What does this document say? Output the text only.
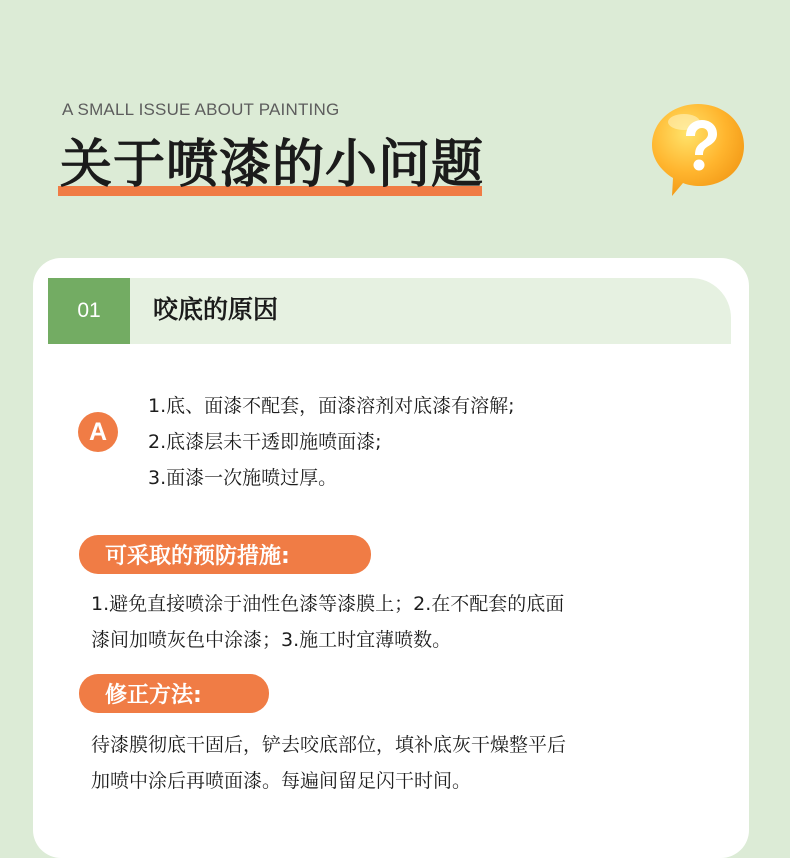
A SMALL ISSUE ABOUT PAINTING
关于喷漆的小问题
01	咬底的原因
A
1.底、面漆不配套，面漆溶剂对底漆有溶解;
2.底漆层未干透即施喷面漆;
3.面漆一次施喷过厚。
可采取的预防措施:
1.避免直接喷涂于油性色漆等漆膜上；2.在不配套的底面
漆间加喷灰色中涂漆；3.施工时宜薄喷数。
修正方法:
待漆膜彻底干固后，铲去咬底部位，填补底灰干燥整平后
加喷中涂后再喷面漆。每遍间留足闪干时间。
